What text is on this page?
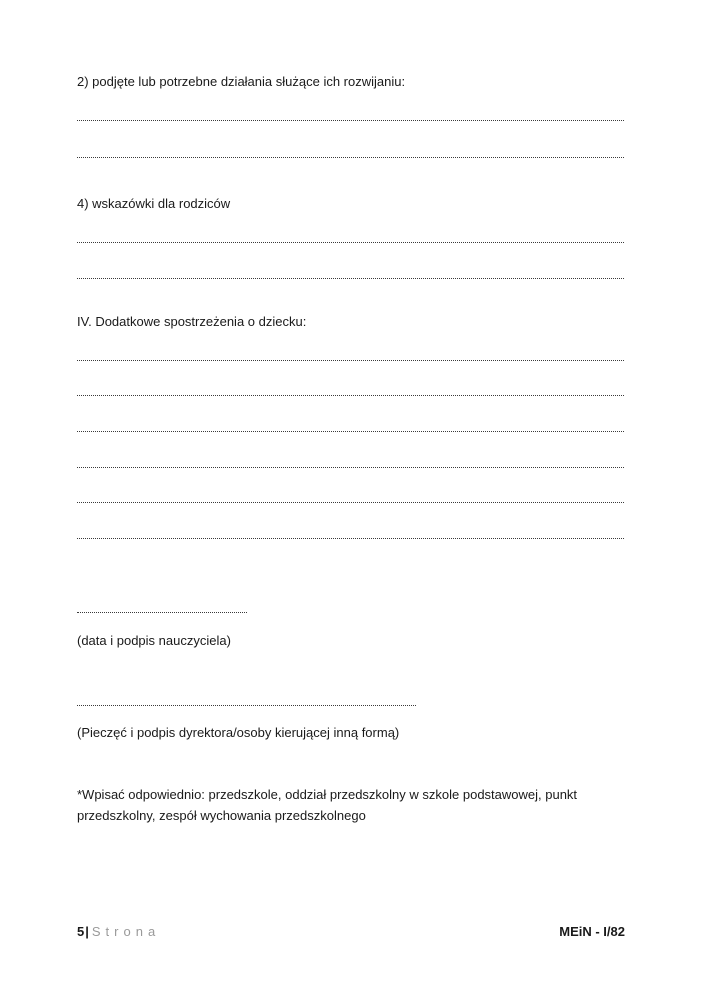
2) podjęte lub potrzebne działania służące ich rozwijaniu:
4) wskazówki dla rodziców
IV. Dodatkowe spostrzeżenia o dziecku:
(data i podpis nauczyciela)
(Pieczęć i podpis dyrektora/osoby kierującej inną formą)
*Wpisać odpowiednio: przedszkole, oddział przedszkolny w szkole podstawowej, punkt przedszkolny, zespół wychowania przedszkolnego
5| Strona	MEiN - I/82
